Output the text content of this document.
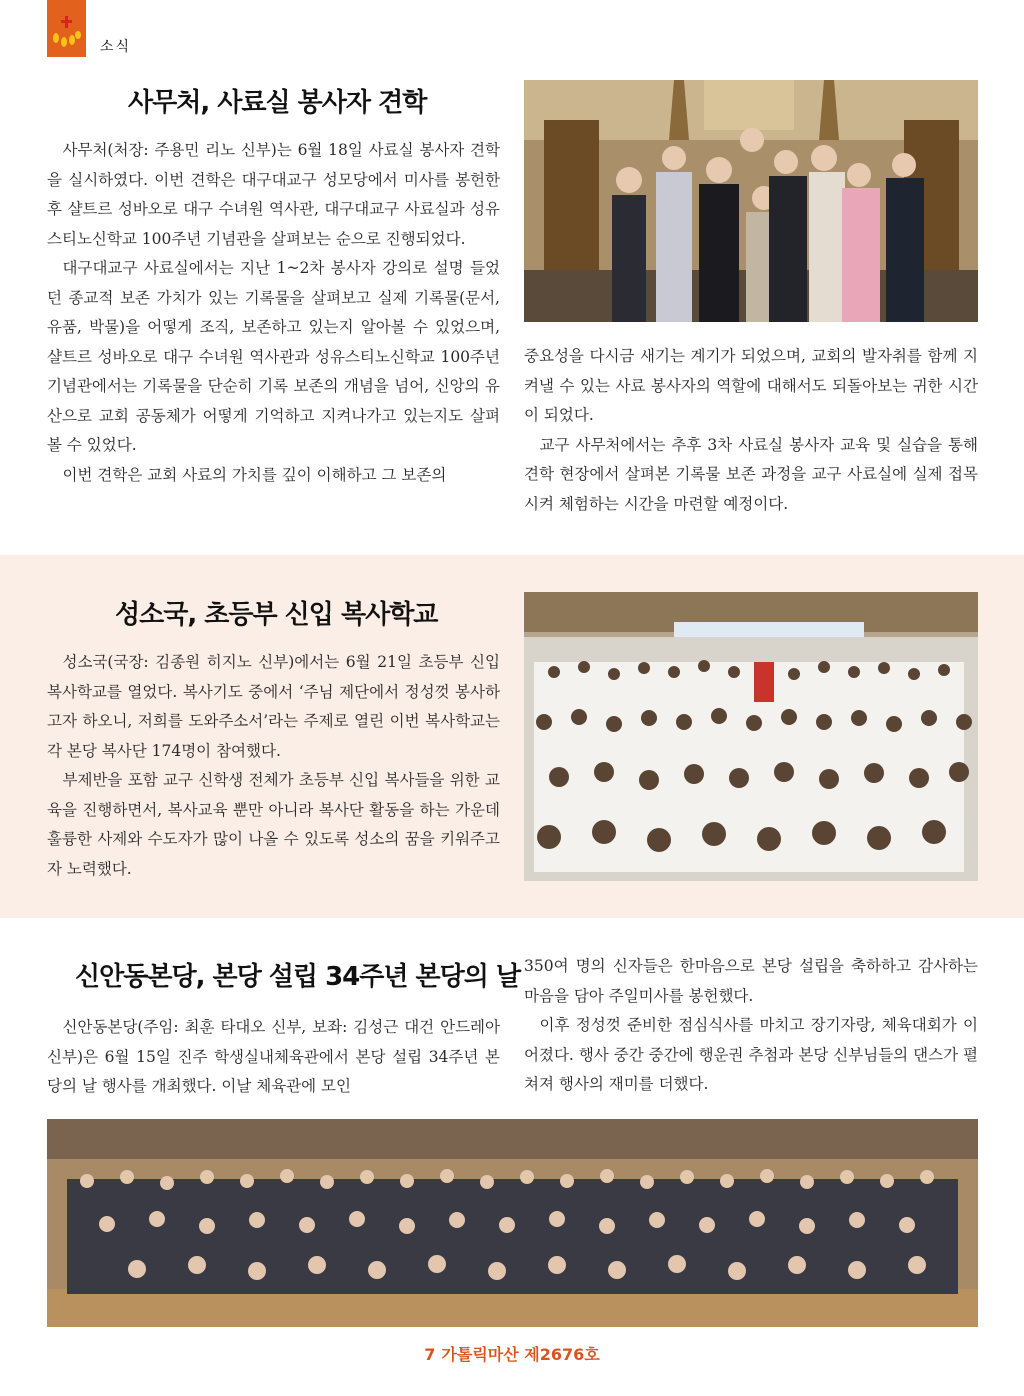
소식
사무처, 사료실 봉사자 견학

사무처(처장: 주용민 리노 신부)는 6월 18일 사료실 봉사자 견학을 실시하였다. 이번 견학은 대구대교구 성모당에서 미사를 봉헌한 후 샬트르 성바오로 대구 수녀원 역사관, 대구대교구 사료실과 성유스티노신학교 100주년 기념관을 살펴보는 순으로 진행되었다.

대구대교구 사료실에서는 지난 1~2차 봉사자 강의로 설명 들었던 종교적 보존 가치가 있는 기록물을 살펴보고 실제 기록물(문서, 유품, 박물)을 어떻게 조직, 보존하고 있는지 알아볼 수 있었으며, 샬트르 성바오로 대구 수녀원 역사관과 성유스티노신학교 100주년 기념관에서는 기록물을 단순히 기록 보존의 개념을 넘어, 신앙의 유산으로 교회 공동체가 어떻게 기억하고 지켜나가고 있는지도 살펴볼 수 있었다.

이번 견학은 교회 사료의 가치를 깊이 이해하고 그 보존의

중요성을 다시금 새기는 계기가 되었으며, 교회의 발자취를 함께 지켜낼 수 있는 사료 봉사자의 역할에 대해서도 되돌아보는 귀한 시간이 되었다.

교구 사무처에서는 추후 3차 사료실 봉사자 교육 및 실습을 통해 견학 현장에서 살펴본 기록물 보존 과정을 교구 사료실에 실제 접목시켜 체험하는 시간을 마련할 예정이다.

성소국, 초등부 신입 복사학교

성소국(국장: 김종원 히지노 신부)에서는 6월 21일 초등부 신입 복사학교를 열었다. 복사기도 중에서 ‘주님 제단에서 정성껏 봉사하고자 하오니, 저희를 도와주소서’라는 주제로 열린 이번 복사학교는 각 본당 복사단 174명이 참여했다.

부제반을 포함 교구 신학생 전체가 초등부 신입 복사들을 위한 교육을 진행하면서, 복사교육 뿐만 아니라 복사단 활동을 하는 가운데 훌륭한 사제와 수도자가 많이 나올 수 있도록 성소의 꿈을 키워주고자 노력했다.

신안동본당, 본당 설립 34주년 본당의 날

신안동본당(주임: 최훈 타대오 신부, 보좌: 김성근 대건 안드레아 신부)은 6월 15일 진주 학생실내체육관에서 본당 설립 34주년 본당의 날 행사를 개최했다. 이날 체육관에 모인

350여 명의 신자들은 한마음으로 본당 설립을 축하하고 감사하는 마음을 담아 주일미사를 봉헌했다.

이후 정성껏 준비한 점심식사를 마치고 장기자랑, 체육대회가 이어졌다. 행사 중간 중간에 행운권 추첨과 본당 신부님들의 댄스가 펼쳐져 행사의 재미를 더했다.

7 가톨릭마산 제2676호
